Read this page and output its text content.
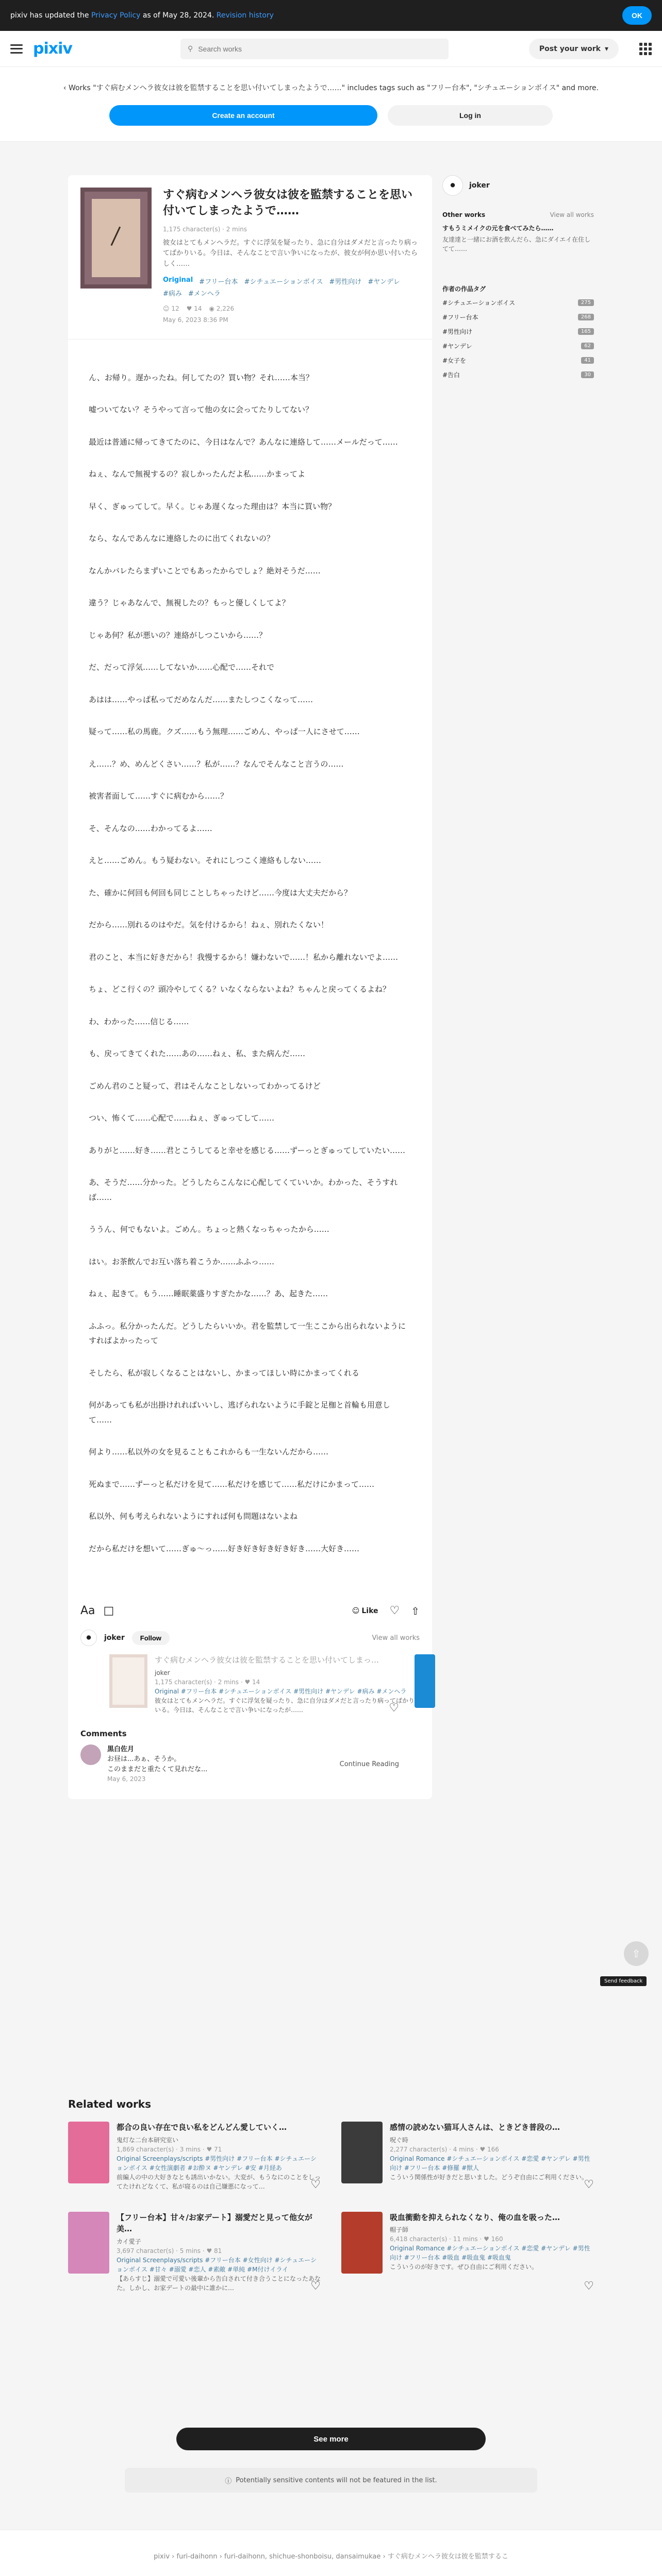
pixiv has updated the Privacy Policy as of May 28, 2024. Revision history	OK
pixiv	⚲
Search works	Post your work ▾
‹ Works "すぐ病むメンヘラ彼女は彼を監禁することを思い付いてしまったようで……" includes tags such as "フリー台本", "シチュエーションボイス" and more.
Create an account	Log in
すぐ病むメンヘラ彼女は彼を監禁することを思い付いてしまったようで……
1,175 character(s) · 2 mins
彼女はとてもメンヘラだ。すぐに浮気を疑ったり、急に自分はダメだと言ったり病ってばかりいる。今日は、そんなことで言い争いになったが、彼女が何か思い付いたらしく……
Original #フリー台本 #シチュエーションボイス #男性向け #ヤンデレ
#病み #メンヘラ
☺ 12 ♥ 14 ◉ 2,226
May 6, 2023 8:36 PM

ん、お帰り。遅かったね。何してたの？買い物？それ……本当？

嘘ついてない？そうやって言って他の女に会ってたりしてない？

最近は普通に帰ってきてたのに、今日はなんで？あんなに連絡して……メールだって……

ねぇ、なんで無視するの？寂しかったんだよ私……かまってよ

早く、ぎゅってして。早く。じゃあ遅くなった理由は？本当に買い物？

なら、なんであんなに連絡したのに出てくれないの？

なんかバレたらまずいことでもあったからでしょ？絶対そうだ……

違う？じゃあなんで、無視したの？もっと優しくしてよ？

じゃあ何？私が悪いの？連絡がしつこいから……？

だ、だって浮気……してないか……心配で……それで

あはは……やっぱ私ってだめなんだ……またしつこくなって……

疑って……私の馬鹿。クズ……もう無理……ごめん、やっぱ一人にさせて……

え……？め、めんどくさい……？私が……？なんでそんなこと言うの……

被害者面して……すぐに病むから……？

そ、そんなの……わかってるよ……

えと……ごめん。もう疑わない。それにしつこく連絡もしない……

た、確かに何回も何回も同じことしちゃったけど……今度は大丈夫だから？

だから……別れるのはやだ。気を付けるから！ねぇ、別れたくない！

君のこと、本当に好きだから！我慢するから！嫌わないで……！私から離れないでよ……

ちょ、どこ行くの？頭冷やしてくる？いなくならないよね？ちゃんと戻ってくるよね？

わ、わかった……信じる……

も、戻ってきてくれた……あの……ねぇ、私、また病んだ……

ごめん君のこと疑って、君はそんなことしないってわかってるけど

つい、怖くて……心配で……ねぇ、ぎゅってして……

ありがと……好き……君とこうしてると幸せを感じる……ずーっとぎゅってしていたい……

あ、そうだ……分かった。どうしたらこんなに心配してくていいか。わかった、そうすれば……

ううん、何でもないよ。ごめん。ちょっと熱くなっちゃったから……

はい。お茶飲んでお互い落ち着こうか……ふふっ……

ねぇ、起きて。もう……睡眠薬盛りすぎたかな……？あ、起きた……

ふふっ。私分かったんだ。どうしたらいいか。君を監禁して一生ここから出られないようにすればよかったって

そしたら、私が寂しくなることはないし、かまってほしい時にかまってくれる

何があっても私が出掛けれればいいし、逃げられないように手錠と足枷と首輪も用意して……

何より……私以外の女を見ることもこれからも一生ないんだから……

死ぬまで……ずーっと私だけを見て……私だけを感じて……私だけにかまって……

私以外、何も考えられないようにすれば何も問題はないよね

だから私だけを想いて……ぎゅ～っ……好き好き好き好き好き……大好き……

Aa □	☺ Like ♡ ⇧
⚫	joker	Follow	View all works
すぐ病むメンヘラ彼女は彼を監禁することを思い付いてしまっ…
joker
1,175 character(s) · 2 mins · ♥ 14
Original #フリー台本 #シチュエーションボイス #男性向け #ヤンデレ #病み #メンヘラ
彼女はとてもメンヘラだ。すぐに浮気を疑ったり、急に自分はダメだと言ったり病ってばかりいる。今日は、そんなことで言い争いになったが……	♡
Comments
黒白佐月
お昼は...あぁ、そうか。
このままだと重たくて見れだな...
May 6, 2023
Continue Reading
⚫	joker
Other works	View all works
すもうミメイクの元を食べてみたら……
友達達と一緒にお酒を飲んだら、急にダイエイ在住してて……
作者の作品タグ
#シチュエーションボイス	275
#フリー台本	268
#男性向け	165
#ヤンデレ	62
#女子を	41
#告白	30
Related works
都合の良い存在で良い私をどんどん愛していく…
鬼灯な二台本研究室い
1,869 character(s) · 3 mins · ♥ 71
Original Screenplays/scripts #男性向け #フリー台本 #シチュエーションボイス #女性演劇者 #お酔ヌ #ヤンデレ #安 #月経あ
前編人の中の大好きなとも誘出いかない。大変が、もうなにのことをしってたけれどなくて、私が寝るのは自己嫌悪になって…	♡
感情の読めない猫耳人さんは、ときどき普段の…
呪ぐ時
2,277 character(s) · 4 mins · ♥ 166
Original Romance #シチュエーションボイス #恋愛 #ヤンデレ #男性向け #フリー台本 #修羅 #獣人
こういう関係性が好きだと思いました。どうぞ自由にご利用ください。
♡
【フリー台本】甘々/お家デート】溺愛だと見って他女が美…
カイ愛子
3,697 character(s) · 5 mins · ♥ 81
Original Screenplays/scripts #フリー台本 #女性向け #シチュエーションボイス #甘々 #溺愛 #恋人 #素敵 #単純 #M付けイライ
【あらすじ】溺愛で可愛い後輩から告白されて付き合うことになったあなた。しかし、お家デートの最中に誰かに…	♡
吸血衝動を抑えられなくなり、俺の血を吸った…
帽子師
6,418 character(s) · 11 mins · ♥ 160
Original Romance #シチュエーションボイス #恋愛 #ヤンデレ #男性向け #フリー台本 #吸血 #吸血鬼 #吸血鬼
こういうのが好きです。ぜひ自由にご利用ください。
♡
See more
ⓘ Potentially sensitive contents will not be featured in the list.
⇧
Send feedback
pixiv › furi-daihonn › furi-daihonn, shichue-shonboisu, dansaimukae › すぐ病むメンヘラ彼女は彼を監禁するこ
